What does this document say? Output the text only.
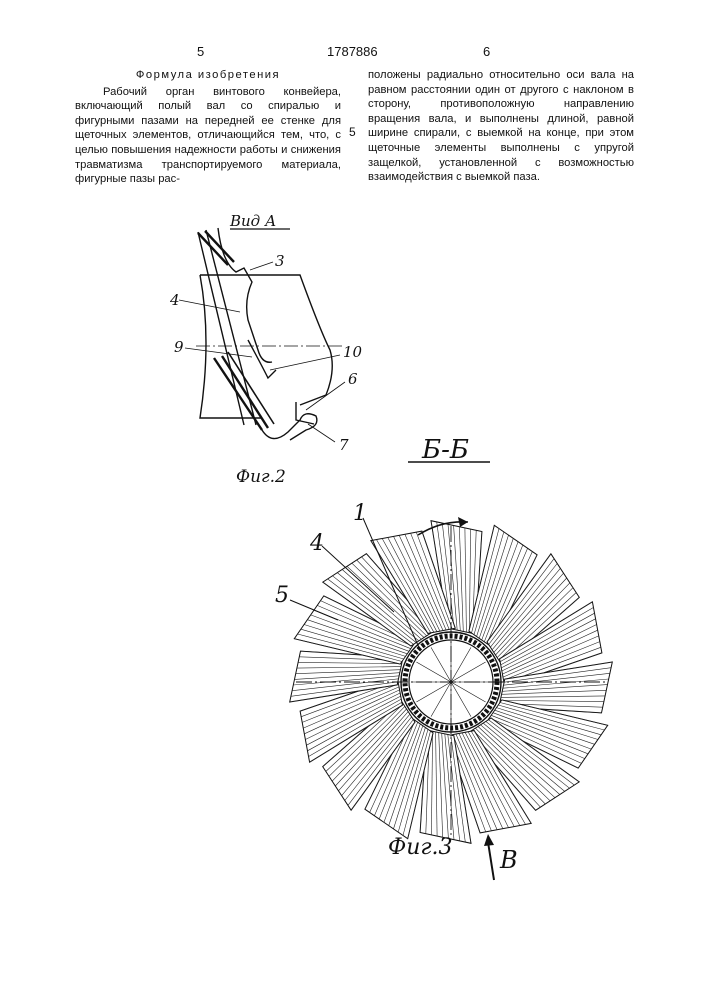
5	1787886	6

Формула изобретения

Рабочий орган винтового конвейера, включающий полый вал со спиралью и фигурными пазами на передней ее стенке для щеточных элементов, отличающийся тем, что, с целью повышения надежности работы и снижения травматизма транспортируемого материала, фигурные пазы рас-

5

положены радиально относительно оси вала на равном расстоянии один от другого с наклоном в сторону, противоположную направлению вращения вала, и выполнены длиной, равной ширине спирали, с выемкой на конце, при этом щеточные элементы выполнены с упругой защелкой, установленной с возможностью взаимодействия с выемкой паза.

Вид А
3
4
9	10
6
7
Фиг.2
Б-Б
1
4
5
Фиг.3 В
